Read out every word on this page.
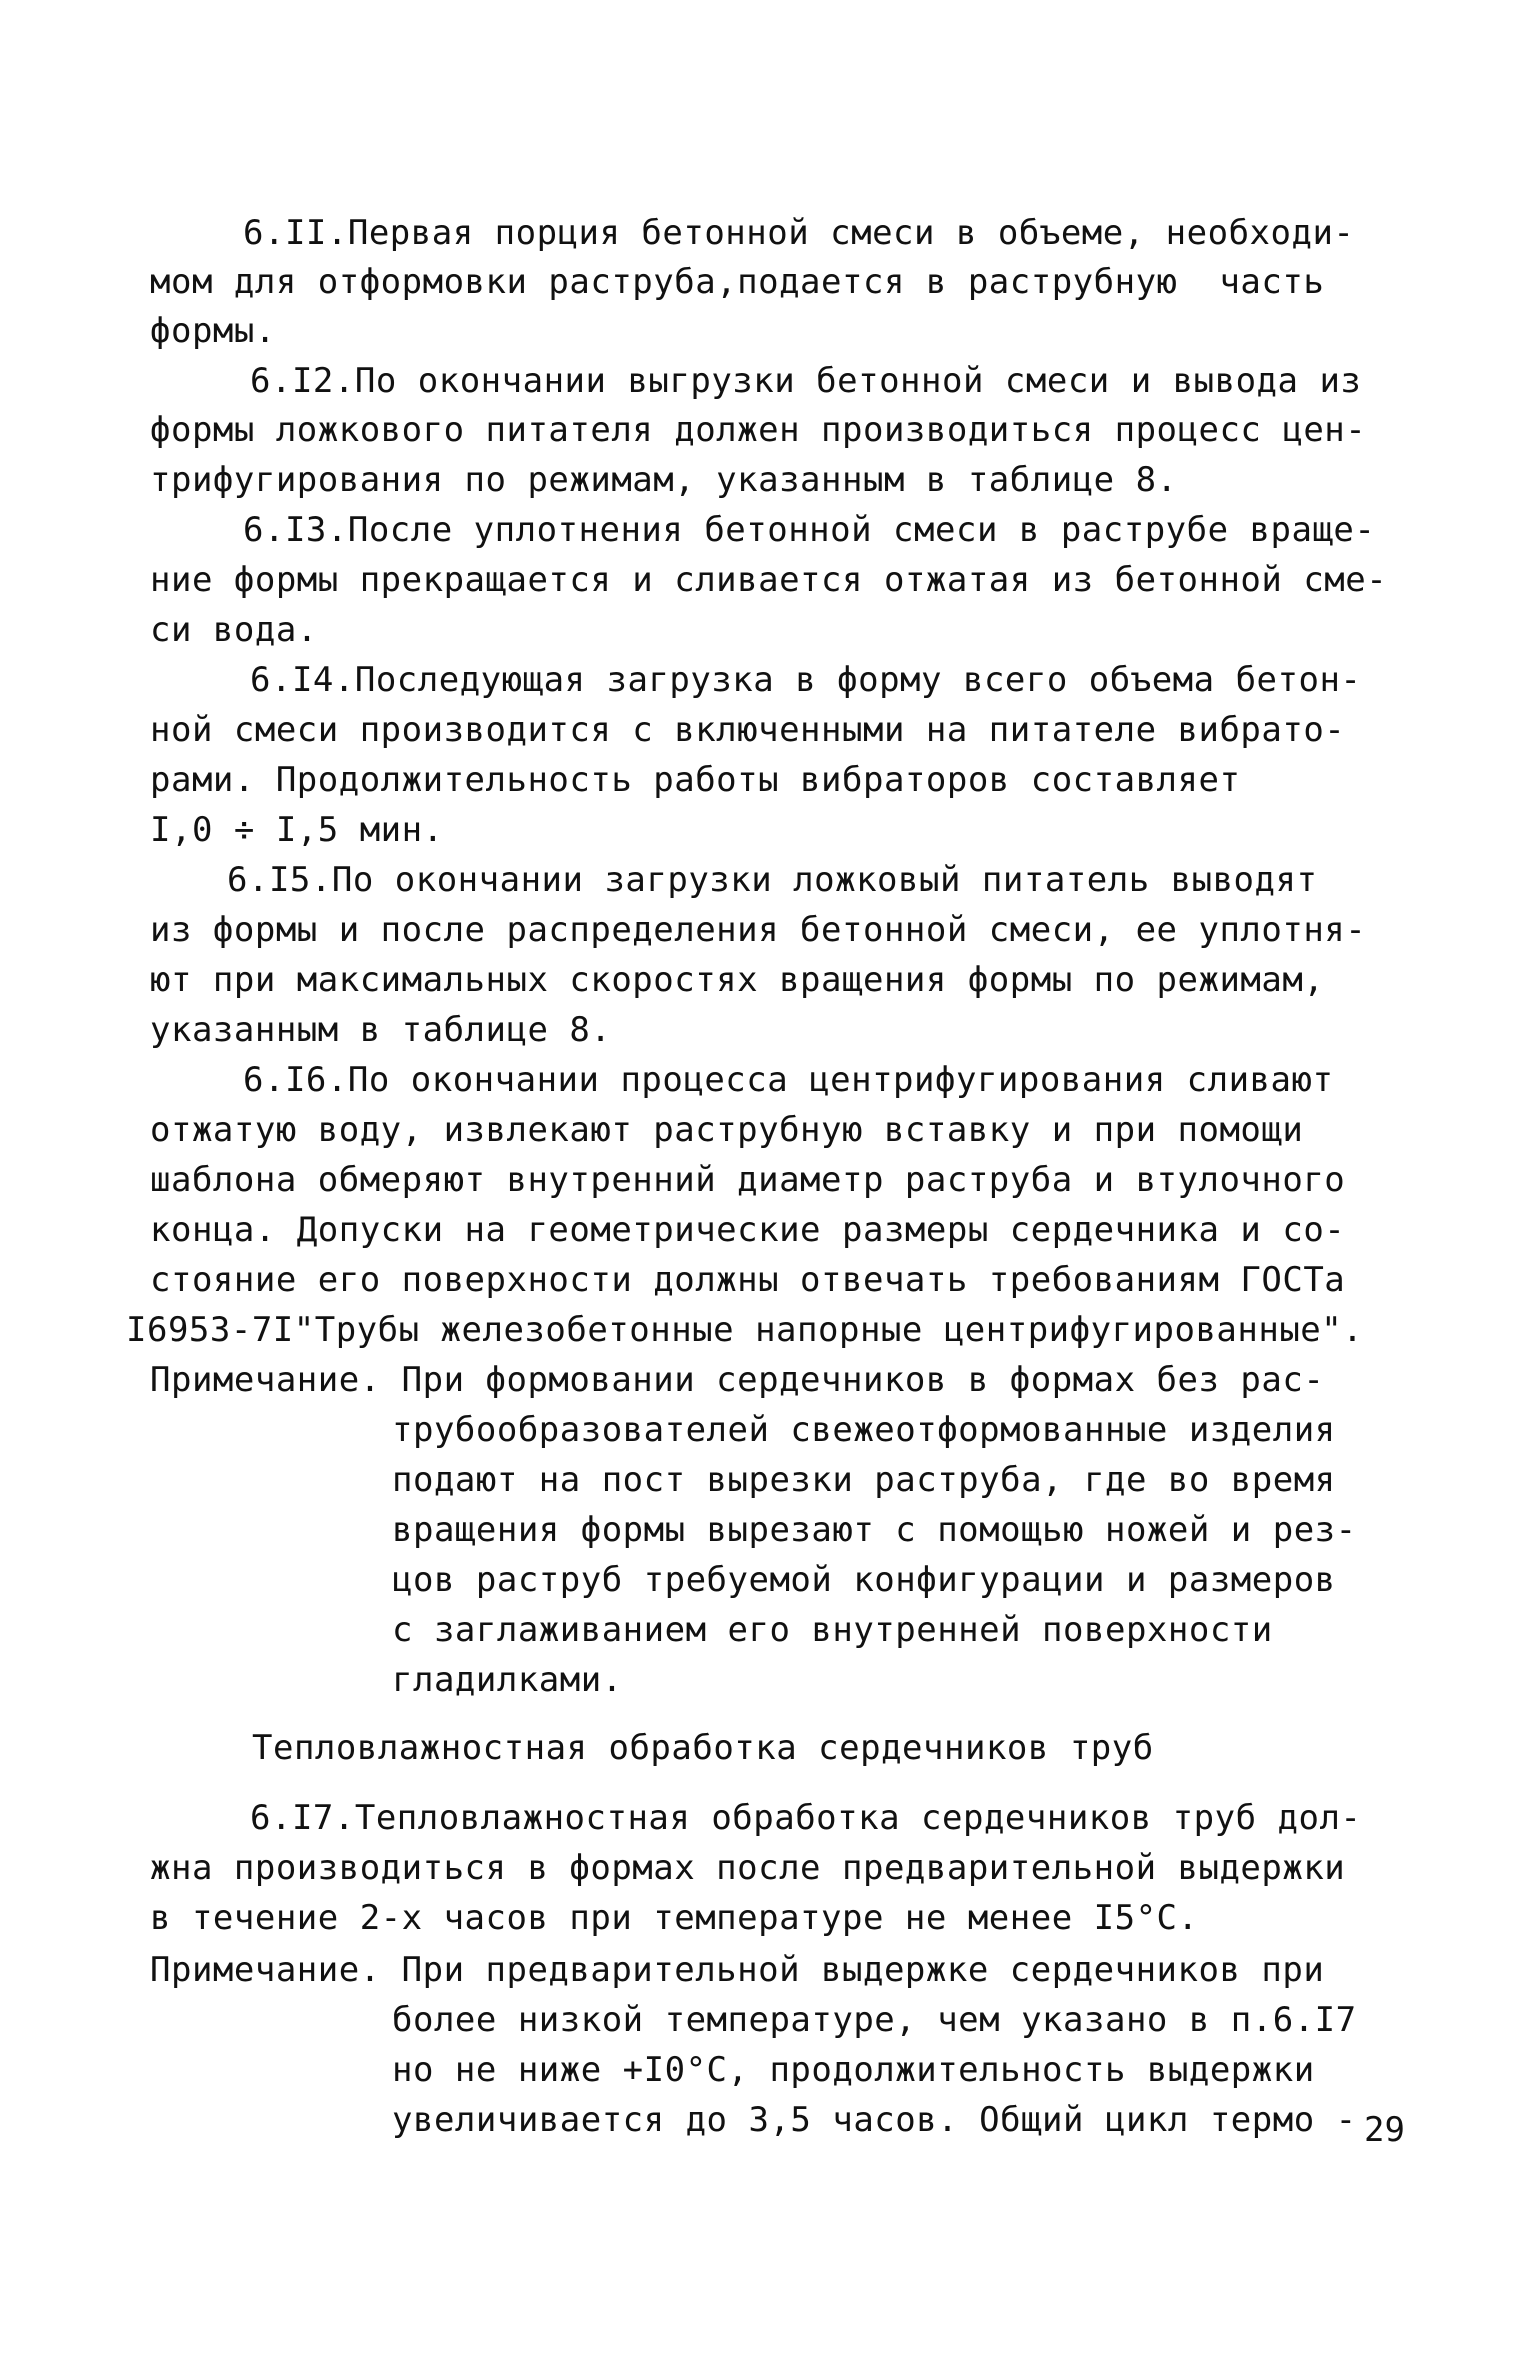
6.II.Первая порция бетонной смеси в объеме, необходи-
мом для отформовки раструба,подается в раструбную  часть
формы.
6.I2.По окончании выгрузки бетонной смеси и вывода из
формы ложкового питателя должен производиться процесс цен-
трифугирования по режимам, указанным в таблице 8.
6.I3.После уплотнения бетонной смеси в раструбе враще-
ние формы прекращается и сливается отжатая из бетонной сме-
си вода.
6.I4.Последующая загрузка в форму всего объема бетон-
ной смеси производится с включенными на питателе вибрато-
рами. Продолжительность работы вибраторов составляет
I,0 ÷ I,5 мин.
6.I5.По окончании загрузки ложковый питатель выводят
из формы и после распределения бетонной смеси, ее уплотня-
ют при максимальных скоростях вращения формы по режимам,
указанным в таблице 8.
6.I6.По окончании процесса центрифугирования сливают
отжатую воду, извлекают раструбную вставку и при помощи
шаблона обмеряют внутренний диаметр раструба и втулочного
конца. Допуски на геометрические размеры сердечника и со-
стояние его поверхности должны отвечать требованиям ГОСТа
I6953-7I"Трубы железобетонные напорные центрифугированные".
Примечание. При формовании сердечников в формах без рас-
трубообразователей свежеотформованные изделия
подают на пост вырезки раструба, где во время
вращения формы вырезают с помощью ножей и рез-
цов раструб требуемой конфигурации и размеров
с заглаживанием его внутренней поверхности
гладилками.
Тепловлажностная обработка сердечников труб
6.I7.Тепловлажностная обработка сердечников труб дол-
жна производиться в формах после предварительной выдержки
в течение 2-х часов при температуре не менее I5°C.
Примечание. При предварительной выдержке сердечников при
более низкой температуре, чем указано в п.6.I7
но не ниже +I0°C, продолжительность выдержки
увеличивается до 3,5 часов. Общий цикл термо - 29
